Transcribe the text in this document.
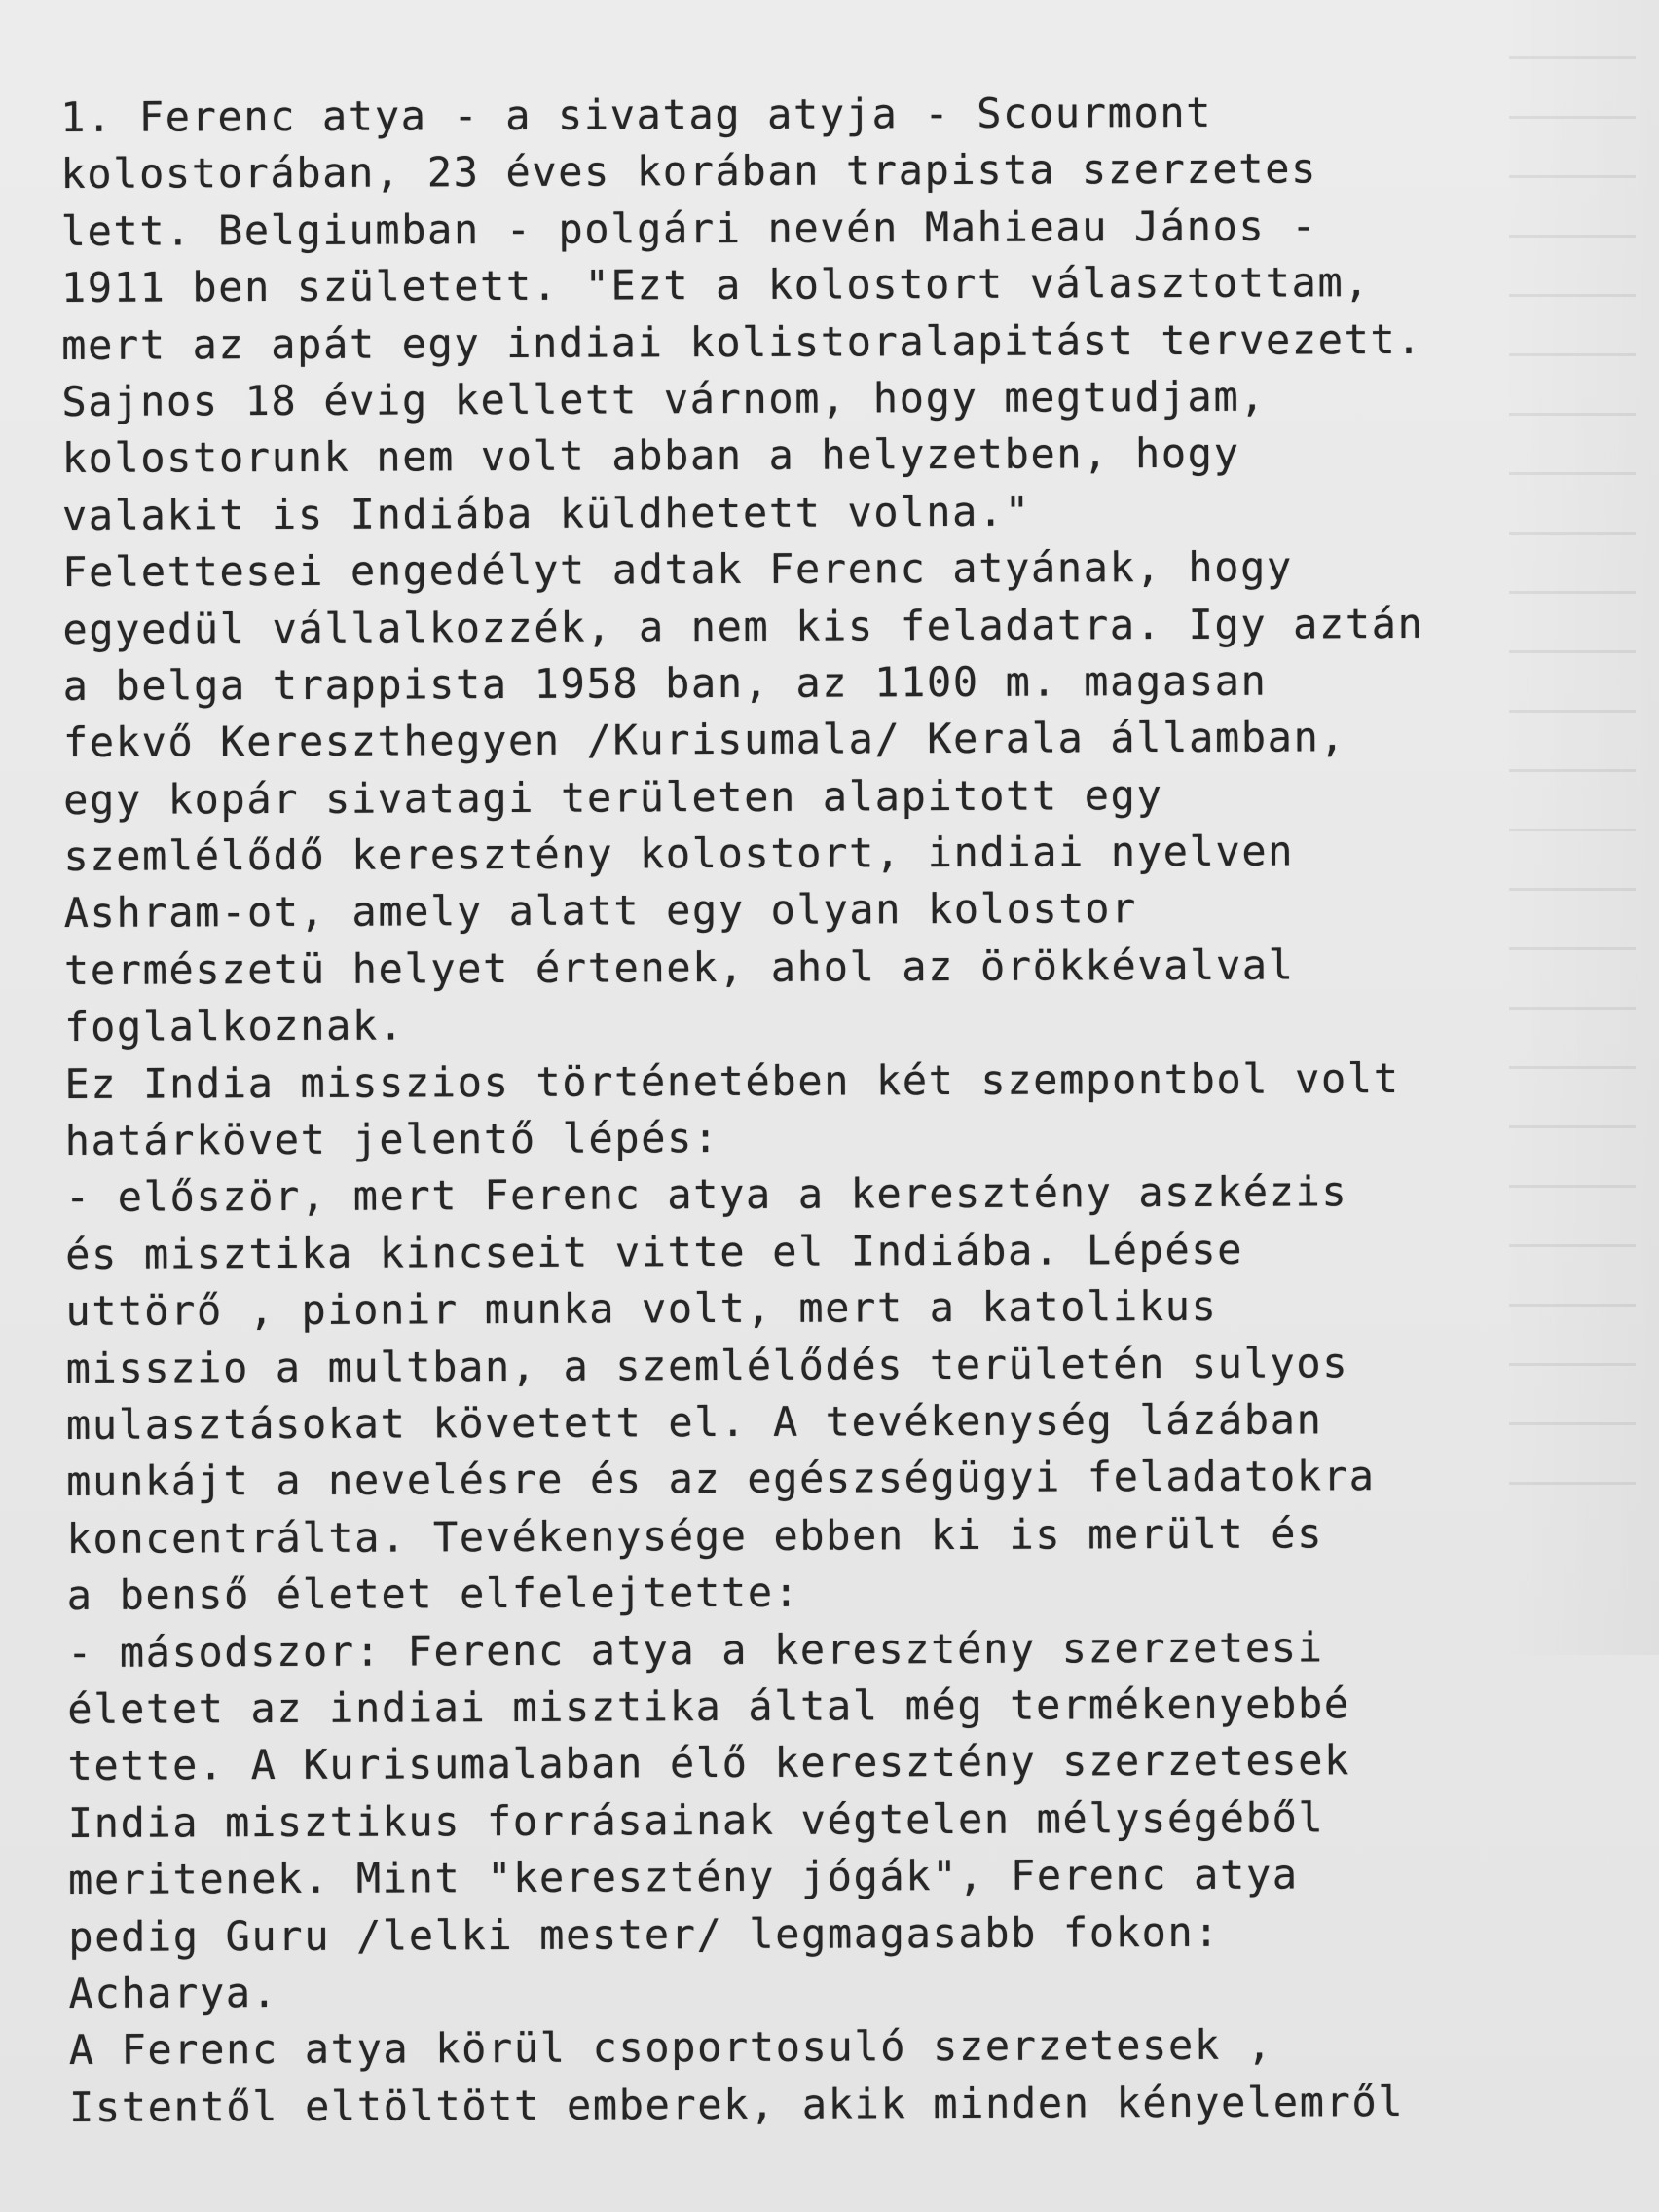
1. Ferenc atya - a sivatag atyja - Scourmont
kolostorában, 23 éves korában trapista szerzetes
lett. Belgiumban - polgári nevén Mahieau János -
1911 ben született. "Ezt a kolostort választottam,
mert az apát egy indiai kolistoralapitást tervezett.
Sajnos 18 évig kellett várnom, hogy megtudjam,
kolostorunk nem volt abban a helyzetben, hogy
valakit is Indiába küldhetett volna."
Felettesei engedélyt adtak Ferenc atyának, hogy
egyedül vállalkozzék, a nem kis feladatra. Igy aztán
a belga trappista 1958 ban, az 1100 m. magasan
fekvő Kereszthegyen /Kurisumala/ Kerala államban,
egy kopár sivatagi területen alapitott egy
szemlélődő keresztény kolostort, indiai nyelven
Ashram-ot, amely alatt egy olyan kolostor
természetü helyet értenek, ahol az örökkévalval
foglalkoznak.
Ez India misszios történetében két szempontbol volt
határkövet jelentő lépés:
- először, mert Ferenc atya a keresztény aszkézis
és misztika kincseit vitte el Indiába. Lépése
uttörő , pionir munka volt, mert a katolikus
misszio a multban, a szemlélődés területén sulyos
mulasztásokat követett el. A tevékenység lázában
munkájt a nevelésre és az egészségügyi feladatokra
koncentrálta. Tevékenysége ebben ki is merült és
a benső életet elfelejtette:
- másodszor: Ferenc atya a keresztény szerzetesi
életet az indiai misztika által még termékenyebbé
tette. A Kurisumalaban élő keresztény szerzetesek
India misztikus forrásainak végtelen mélységéből
meritenek. Mint "keresztény jógák", Ferenc atya
pedig Guru /lelki mester/ legmagasabb fokon:
Acharya.
A Ferenc atya körül csoportosuló szerzetesek ,
Istentől eltöltött emberek, akik minden kényelemről
